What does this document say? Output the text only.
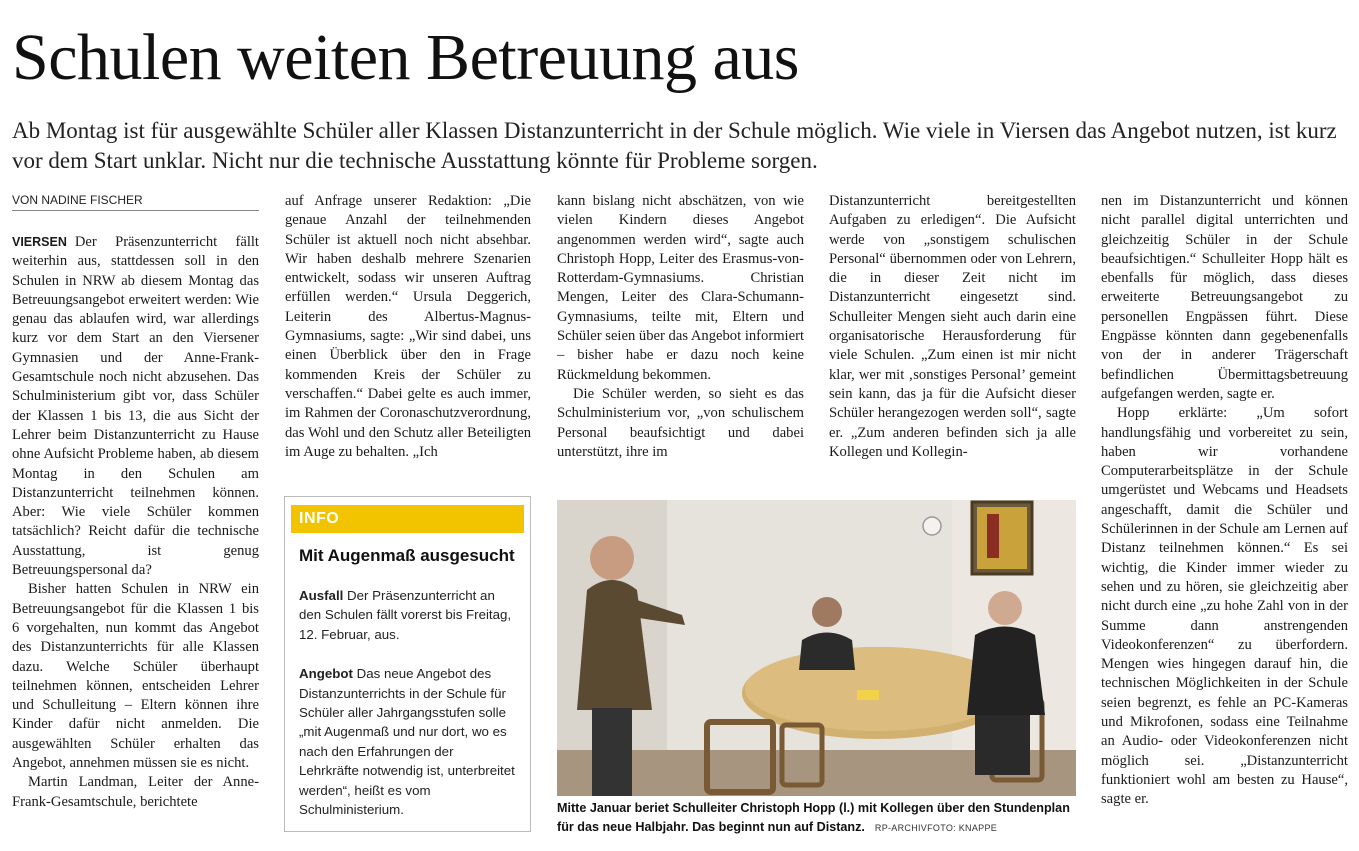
Schulen weiten Betreuung aus

Ab Montag ist für ausgewählte Schüler aller Klassen Distanzunterricht in der Schule möglich. Wie viele in Viersen das Angebot nutzen, ist kurz vor dem Start unklar. Nicht nur die technische Ausstattung könnte für Probleme sorgen.

VON NADINE FISCHER

VIERSEN Der Präsenzunterricht fällt weiterhin aus, stattdessen soll in den Schulen in NRW ab diesem Montag das Betreuungsangebot erweitert werden: Wie genau das ablaufen wird, war allerdings kurz vor dem Start an den Viersener Gymnasien und der Anne-Frank-Gesamtschule noch nicht abzusehen. Das Schulministerium gibt vor, dass Schüler der Klassen 1 bis 13, die aus Sicht der Lehrer beim Distanzunterricht zu Hause ohne Aufsicht Probleme haben, ab diesem Montag in den Schulen am Distanzunterricht teilnehmen können. Aber: Wie viele Schüler kommen tatsächlich? Reicht dafür die technische Ausstattung, ist genug Betreuungspersonal da?

Bisher hatten Schulen in NRW ein Betreuungsangebot für die Klassen 1 bis 6 vorgehalten, nun kommt das Angebot des Distanzunterrichts für alle Klassen dazu. Welche Schüler überhaupt teilnehmen können, entscheiden Lehrer und Schulleitung – Eltern können ihre Kinder dafür nicht anmelden. Die ausgewählten Schüler erhalten das Angebot, annehmen müssen sie es nicht.

Martin Landman, Leiter der Anne-Frank-Gesamtschule, berichtete

auf Anfrage unserer Redaktion: „Die genaue Anzahl der teilnehmenden Schüler ist aktuell noch nicht absehbar. Wir haben deshalb mehrere Szenarien entwickelt, sodass wir unseren Auftrag erfüllen werden.“ Ursula Deggerich, Leiterin des Albertus-Magnus-Gymnasiums, sagte: „Wir sind dabei, uns einen Überblick über den in Frage kommenden Kreis der Schüler zu verschaffen.“ Dabei gelte es auch immer, im Rahmen der Coronaschutzverordnung, das Wohl und den Schutz aller Beteiligten im Auge zu behalten. „Ich

INFO
Mit Augenmaß ausgesucht
Ausfall Der Präsenzunterricht an den Schulen fällt vorerst bis Freitag, 12. Februar, aus.
Angebot Das neue Angebot des Distanzunterrichts in der Schule für Schüler aller Jahrgangsstufen solle „mit Augenmaß und nur dort, wo es nach den Erfahrungen der Lehrkräfte notwendig ist, unterbreitet werden“, heißt es vom Schulministerium.

kann bislang nicht abschätzen, von wie vielen Kindern dieses Angebot angenommen werden wird“, sagte auch Christoph Hopp, Leiter des Erasmus-von-Rotterdam-Gymnasiums. Christian Mengen, Leiter des Clara-Schumann-Gymnasiums, teilte mit, Eltern und Schüler seien über das Angebot informiert – bisher habe er dazu noch keine Rückmeldung bekommen.

Die Schüler werden, so sieht es das Schulministerium vor, „von schulischem Personal beaufsichtigt und dabei unterstützt, ihre im

Distanzunterricht bereitgestellten Aufgaben zu erledigen“. Die Aufsicht werde von „sonstigem schulischen Personal“ übernommen oder von Lehrern, die in dieser Zeit nicht im Distanzunterricht eingesetzt sind. Schulleiter Mengen sieht auch darin eine organisatorische Herausforderung für viele Schulen. „Zum einen ist mir nicht klar, wer mit ‚sonstiges Personal’ gemeint sein kann, das ja für die Aufsicht dieser Schüler herangezogen werden soll“, sagte er. „Zum anderen befinden sich ja alle Kollegen und Kollegin-

nen im Distanzunterricht und können nicht parallel digital unterrichten und gleichzeitig Schüler in der Schule beaufsichtigen.“ Schulleiter Hopp hält es ebenfalls für möglich, dass dieses erweiterte Betreuungsangebot zu personellen Engpässen führt. Diese Engpässe könnten dann gegebenenfalls von der in anderer Trägerschaft befindlichen Übermittagsbetreuung aufgefangen werden, sagte er.

Hopp erklärte: „Um sofort handlungsfähig und vorbereitet zu sein, haben wir vorhandene Computerarbeitsplätze in der Schule umgerüstet und Webcams und Headsets angeschafft, damit die Schüler und Schülerinnen in der Schule am Lernen auf Distanz teilnehmen können.“ Es sei wichtig, die Kinder immer wieder zu sehen und zu hören, sie gleichzeitig aber nicht durch eine „zu hohe Zahl von in der Summe dann anstrengenden Videokonferenzen“ zu überfordern. Mengen wies hingegen darauf hin, die technischen Möglichkeiten in der Schule seien begrenzt, es fehle an PC-Kameras und Mikrofonen, sodass eine Teilnahme an Audio- oder Videokonferenzen nicht möglich sei. „Distanzunterricht funktioniert wohl am besten zu Hause“, sagte er.

Mitte Januar beriet Schulleiter Christoph Hopp (l.) mit Kollegen über den Stundenplan für das neue Halbjahr. Das beginnt nun auf Distanz. RP-ARCHIVFOTO: KNAPPE
